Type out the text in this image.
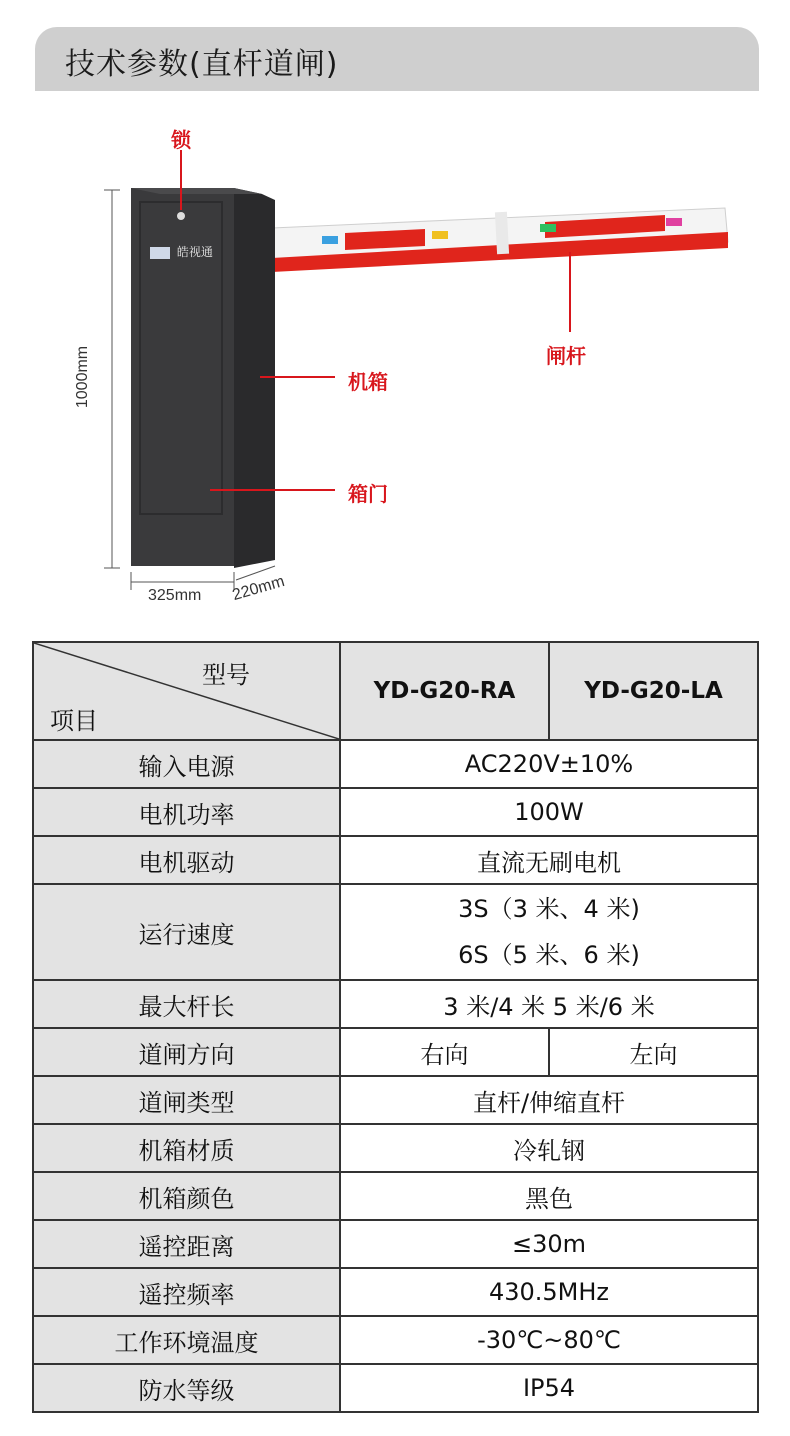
技术参数(直杆道闸)
皓视通
锁
闸杆
机箱
箱门
1000mm
325mm 220mm
型号
项目	YD-G20-RA	YD-G20-LA
输入电源	AC220V±10%	
电机功率	100W	
电机驱动	直流无刷电机	
运行速度	3S（3 米、4 米)
6S（5 米、6 米)	

最大杆长	3 米/4 米 5 米/6 米	
道闸方向	右向	左向
道闸类型	直杆/伸缩直杆	
机箱材质	冷轧钢	
机箱颜色	黑色	
遥控距离	≤30m	
遥控频率	430.5MHz	
工作环境温度	-30℃~80℃	
防水等级	IP54	
